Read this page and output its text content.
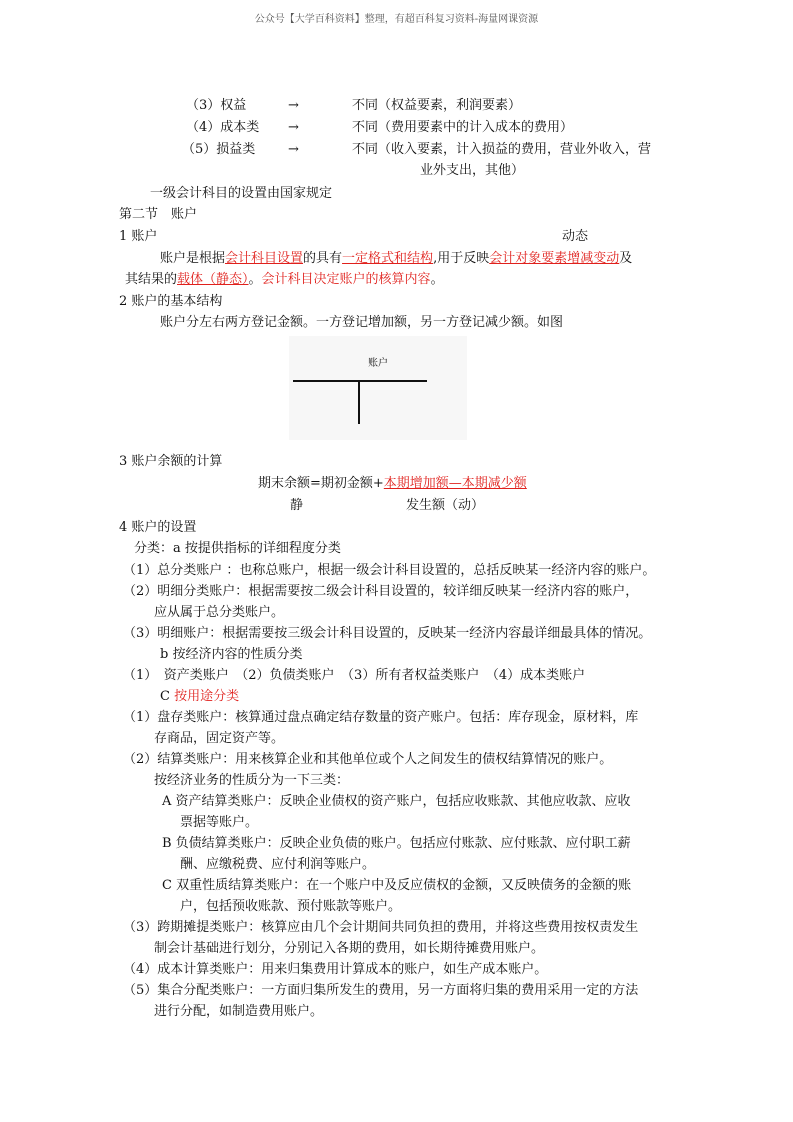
公众号【大学百科资料】整理，有超百科复习资料-海量网课资源
（3）权益	→	不同（权益要素，利润要素）
（4）成本类 →	不同（费用要素中的计入成本的费用）
（5）损益类	→	不同（收入要素，计入损益的费用，营业外收入，营
业外支出，其他）
一级会计科目的设置由国家规定
第二节　账户
1 账户	动态
账户是根据会计科目设置的具有一定格式和结构,用于反映会计对象要素增减变动及
其结果的载体（静态）。会计科目决定账户的核算内容。
2 账户的基本结构
账户分左右两方登记金额。一方登记增加额，另一方登记减少额。如图
账户
3 账户余额的计算
期末余额=期初金额+本期增加额—本期减少额
静	发生额（动）
4 账户的设置
分类：a 按提供指标的详细程度分类
（1）总分类账户 ：也称总账户，根据一级会计科目设置的，总括反映某一经济内容的账户。
（2）明细分类账户：根据需要按二级会计科目设置的，较详细反映某一经济内容的账户，
应从属于总分类账户。
（3）明细账户：根据需要按三级会计科目设置的，反映某一经济内容最详细最具体的情况。
b 按经济内容的性质分类
（1）　资产类账户　（2）负债类账户　（3）所有者权益类账户　（4）成本类账户
C 按用途分类
（1）盘存类账户：核算通过盘点确定结存数量的资产账户。包括：库存现金，原材料，库
存商品，固定资产等。
（2）结算类账户：用来核算企业和其他单位或个人之间发生的债权结算情况的账户。
按经济业务的性质分为一下三类：
A 资产结算类账户：反映企业债权的资产账户，包括应收账款、其他应收款、应收
票据等账户。
B 负债结算类账户：反映企业负债的账户。包括应付账款、应付账款、应付职工薪
酬、应缴税费、应付利润等账户。
C 双重性质结算类账户：在一个账户中及反应债权的金额，又反映债务的金额的账
户，包括预收账款、预付账款等账户。
（3）跨期摊提类账户：核算应由几个会计期间共同负担的费用，并将这些费用按权责发生
制会计基础进行划分，分别记入各期的费用，如长期待摊费用账户。
（4）成本计算类账户：用来归集费用计算成本的账户，如生产成本账户。
（5）集合分配类账户：一方面归集所发生的费用，另一方面将归集的费用采用一定的方法
进行分配，如制造费用账户。
